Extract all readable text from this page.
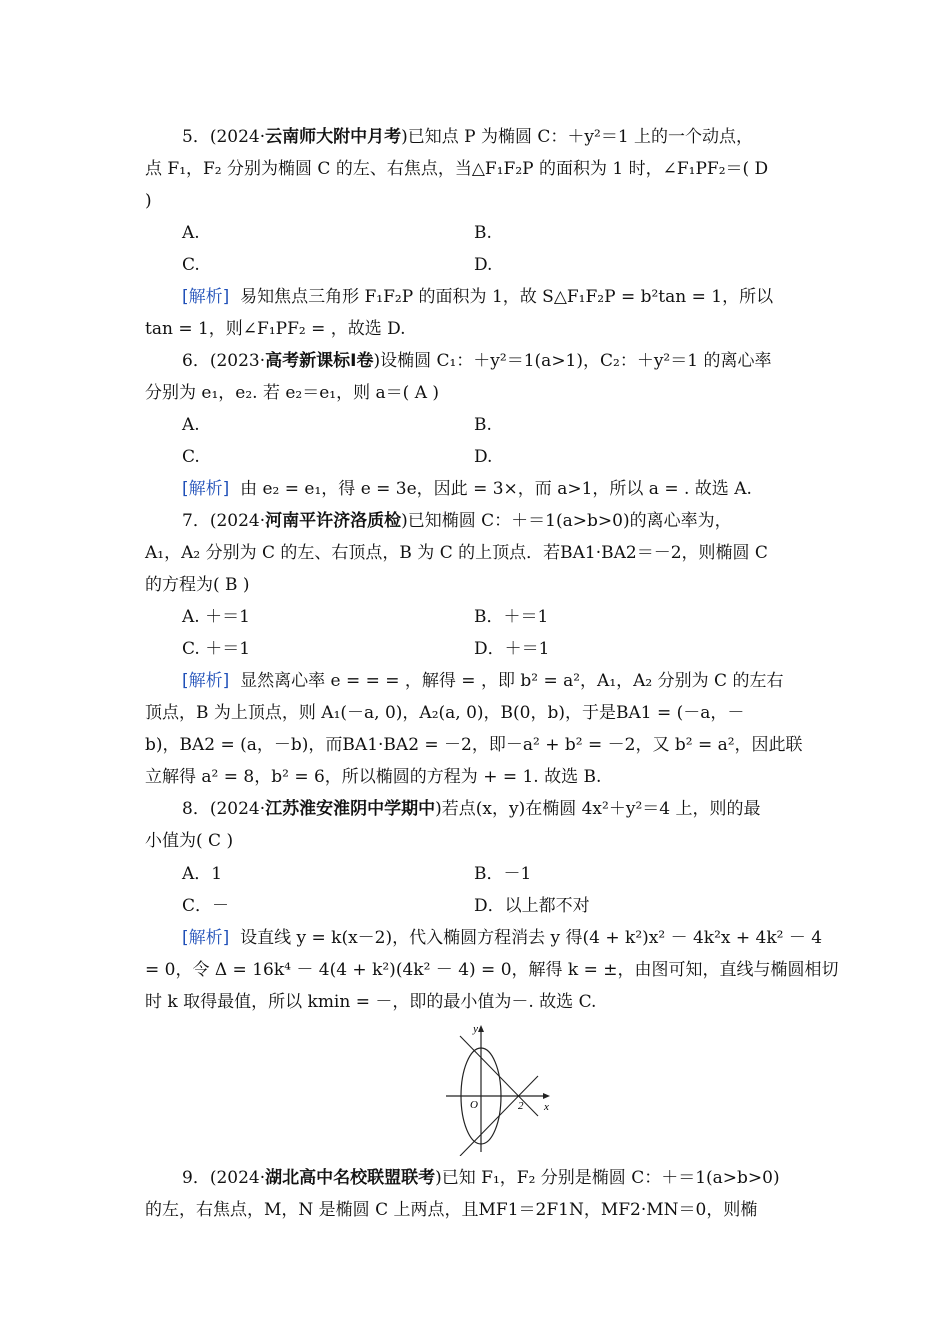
5．(2024·云南师大附中月考)已知点 P 为椭圆 C：＋y²＝1 上的一个动点，
点 F₁，F₂ 分别为椭圆 C 的左、右焦点，当△F₁F₂P 的面积为 1 时，∠F₁PF₂＝( D
)
A.	B.
C.	D.
[解析] 易知焦点三角形 F₁F₂P 的面积为 1，故 S△F₁F₂P = b²tan = 1，所以
tan = 1，则∠F₁PF₂ = ，故选 D.
6．(2023·高考新课标Ⅰ卷)设椭圆 C₁：＋y²＝1(a>1)，C₂：＋y²＝1 的离心率
分别为 e₁，e₂. 若 e₂＝e₁，则 a＝( A )
A.	B.
C.	D.
[解析] 由 e₂ = e₁，得 e = 3e，因此 = 3×，而 a>1，所以 a = . 故选 A.
7．(2024·河南平许济洛质检)已知椭圆 C：＋＝1(a>b>0)的离心率为，
A₁，A₂ 分别为 C 的左、右顶点，B 为 C 的上顶点．若BA1·BA2＝－2，则椭圆 C
的方程为( B )
A. ＋＝1	B．＋＝1
C. ＋＝1	D．＋＝1
[解析] 显然离心率 e = = = ，解得 = ，即 b² = a²，A₁，A₂ 分别为 C 的左右
顶点，B 为上顶点，则 A₁(－a, 0)，A₂(a, 0)，B(0，b)，于是BA1 = (－a，－
b)，BA2 = (a，－b)，而BA1·BA2 = －2，即－a² + b² = －2，又 b² = a²，因此联
立解得 a² = 8，b² = 6，所以椭圆的方程为 + = 1. 故选 B.
8．(2024·江苏淮安淮阴中学期中)若点(x，y)在椭圆 4x²＋y²＝4 上，则的最
小值为( C )
A．1	B．－1
C．－	D．以上都不对
[解析] 设直线 y = k(x－2)，代入椭圆方程消去 y 得(4 + k²)x² － 4k²x + 4k² － 4
= 0，令 Δ = 16k⁴ － 4(4 + k²)(4k² － 4) = 0，解得 k = ±，由图可知，直线与椭圆相切
时 k 取得最值，所以 kmin = －，即的最小值为－. 故选 C.
y
x
O	2
9．(2024·湖北高中名校联盟联考)已知 F₁，F₂ 分别是椭圆 C：＋＝1(a>b>0)
的左，右焦点，M，N 是椭圆 C 上两点，且MF1＝2F1N，MF2·MN＝0，则椭
